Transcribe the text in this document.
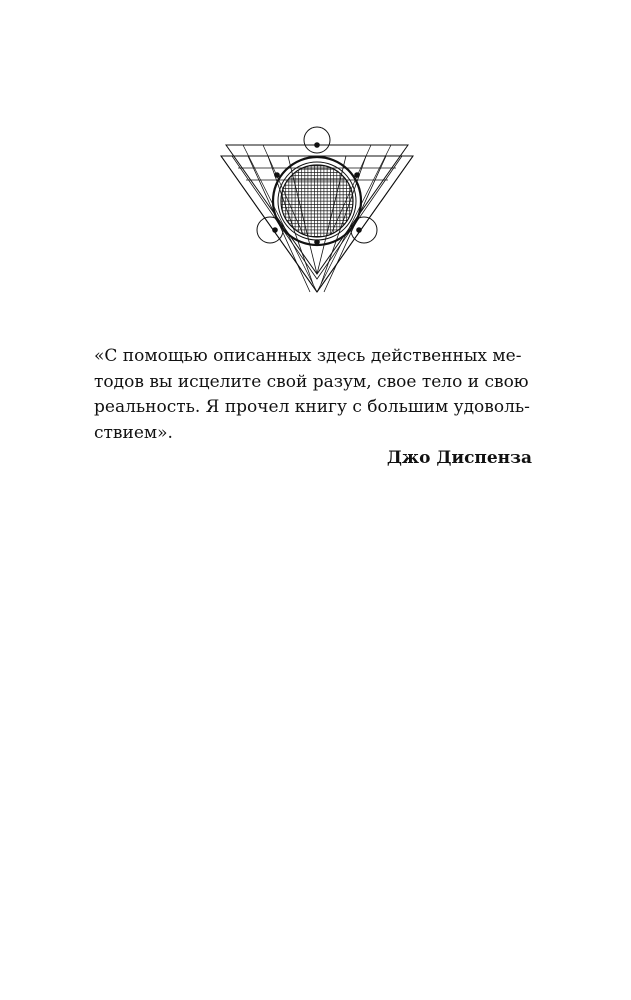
«С помощью описанных здесь действенных ме-
тодов вы исцелите свой разум, свое тело и свою
реальность. Я прочел книгу с большим удоволь-
ствием».

Джо Диспенза
